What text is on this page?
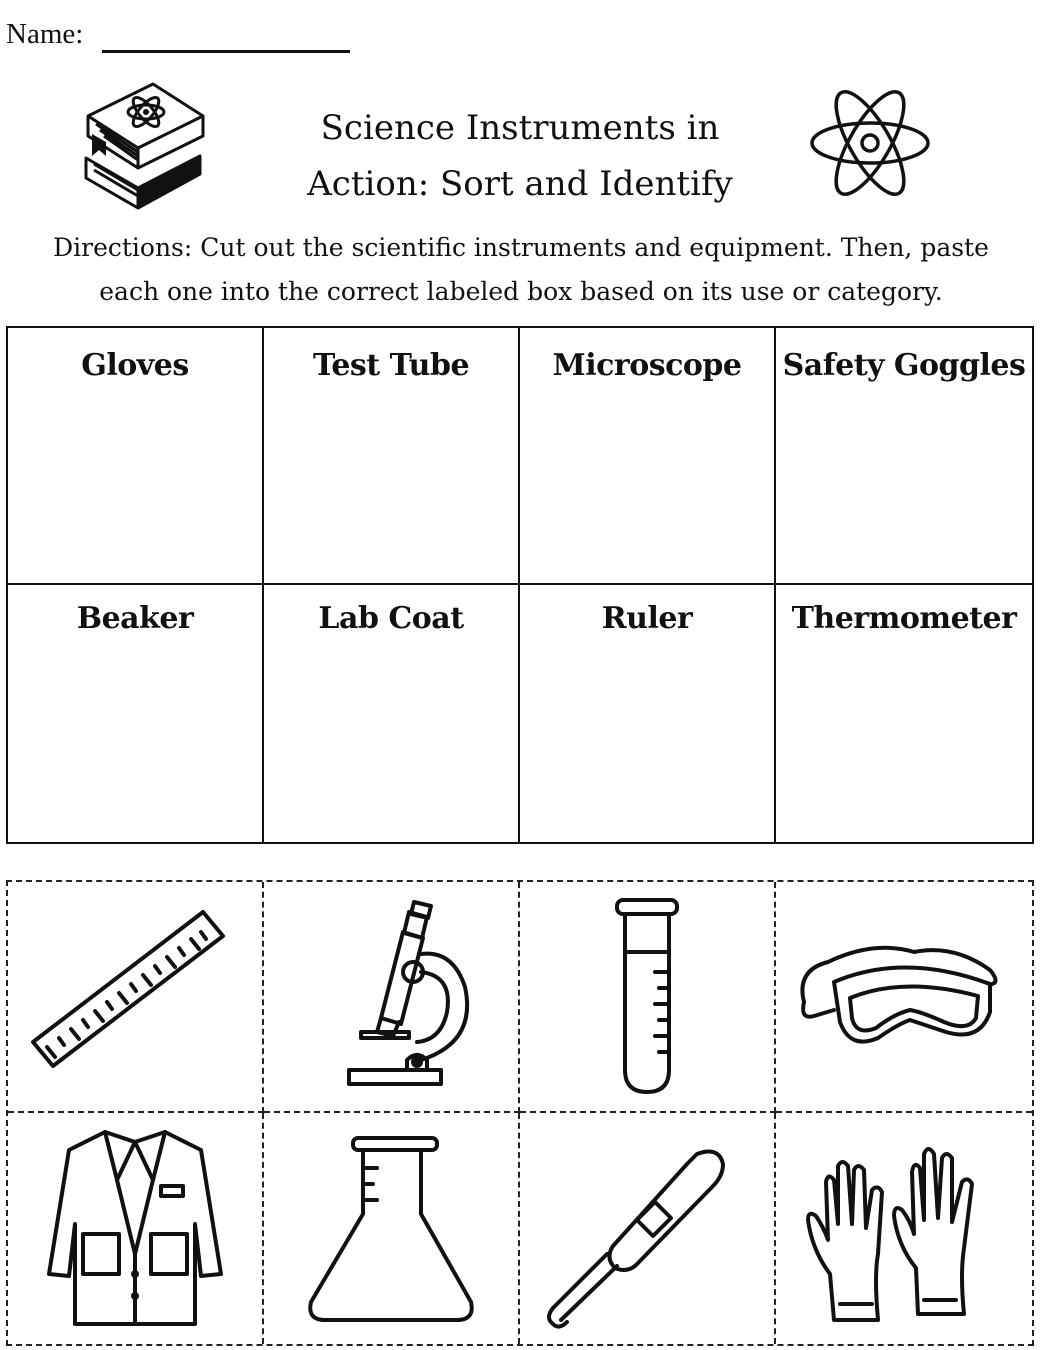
Name:
Science Instruments in
Action: Sort and Identify
Directions: Cut out the scientific instruments and equipment. Then, paste
each one into the correct labeled box based on its use or category.
Gloves	Test Tube	Microscope	Safety Goggles
Beaker	Lab Coat	Ruler	Thermometer
